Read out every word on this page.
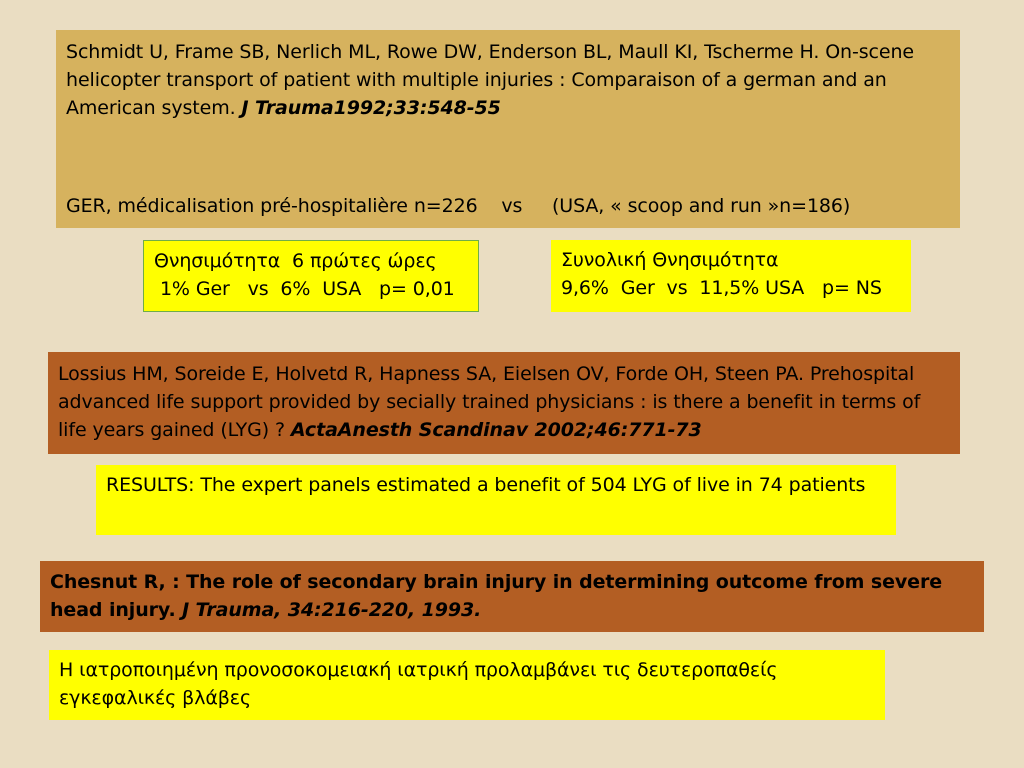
Schmidt U, Frame SB, Nerlich ML, Rowe DW, Enderson BL, Maull KI, Tscherme H. On-scene helicopter transport of patient with multiple injuries : Comparaison of a german and an American system. J Trauma1992;33:548-55
GER, médicalisation pré-hospitalière n=226    vs     (USA, « scoop and run »n=186)
Θνησιμότητα  6 πρώτες ώρες
1% Ger   vs  6%  USA   p= 0,01
Συνολική Θνησιμότητα
9,6%  Ger  vs  11,5% USA   p= NS
Lossius HM, Soreide E, Holvetd R, Hapness SA, Eielsen OV, Forde OH, Steen PA. Prehospital advanced life support provided by secially trained physicians : is there a benefit in terms of life years gained (LYG) ? ActaAnesth Scandinav 2002;46:771-73
RESULTS: The expert panels estimated a benefit of 504 LYG of live in 74 patients
Chesnut R, : The role of secondary brain injury in determining outcome from severe head injury. J Trauma, 34:216-220, 1993.
Η ιατροποιημένη προνοσοκομειακή ιατρική προλαμβάνει τις δευτεροπαθείς εγκεφαλικές βλάβες
